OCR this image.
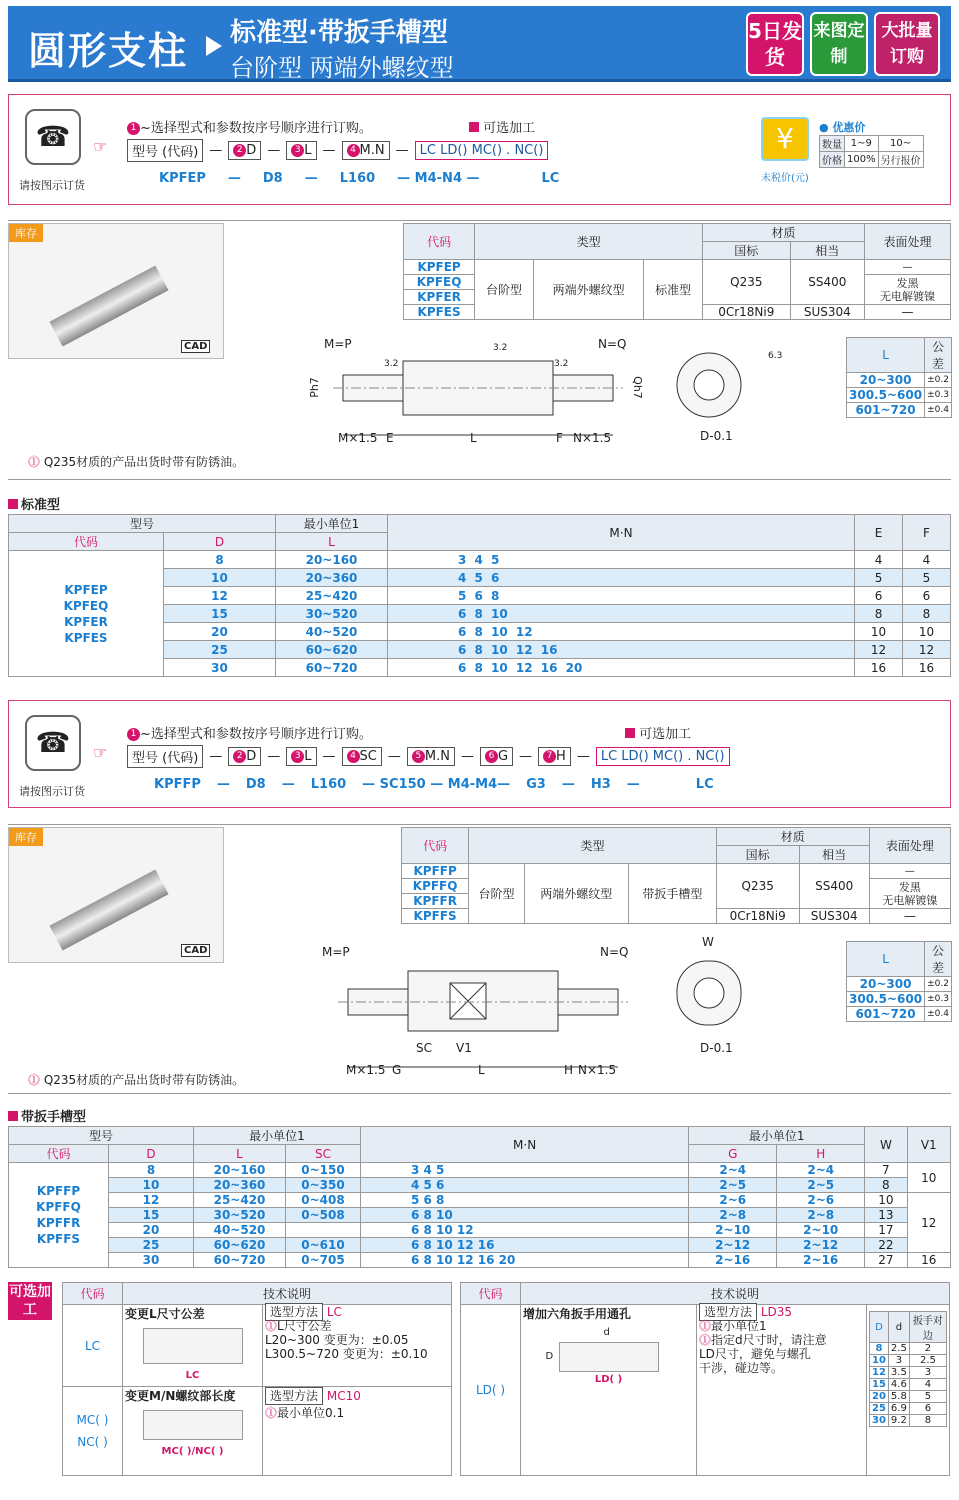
圆形支柱 标准型·带扳手槽型
台阶型 两端外螺纹型
5日发货
来图定制
大批量订购
☎
请按图示订货
☞
1 ~选择型式和参数按序号顺序进行订购。	可选加工
型号 (代码) —	2 D —	3 L —	4 M.N — LC LD() MC() . NC()
KPFEP — D8 — L160 — M4-N4 —	LC
¥
未税价(元)
● 优惠价
数量	1~9	10~
价格	100%	另行报价
库存
CAD
代码	类型			材质		表面处理
				国标	相当	
KPFEP	台阶型	两端外螺纹型	标准型	Q235	SS400	—
KPFEQ						发黑
无电解镀镍
KPFER						
KPFES				0Cr18Ni9	SUS304	—
M=P	N=Q
3.2
3.2
3.2
Ph7	Qh7
M×1.5 E	L	F N×1.5
6.3
D-0.1
L	公差
20~300	±0.2
300.5~600	±0.3
601~720	±0.4
⓵ Q235材质的产品出货时带有防锈油。
标准型
型号		最小单位1	M·N	E	F
代码	D	L			
KPFEP
KPFEQ
KPFER
KPFES	8	20~160	3 4 5	4	4
	10	20~360	4 5 6	5	5
	12	25~420	5 6 8	6	6
	15	30~520	6 8 10	8	8
	20	40~520	6 8 10 12	10	10
	25	60~620	6 8 10 12 16	12	12
	30	60~720	6 8 10 12 16 20	16	16
☎
请按图示订货
☞
1 ~选择型式和参数按序号顺序进行订购。	可选加工
型号 (代码) —	2 D —	3 L —	4 SC —	5 M.N —	6 G —	7 H — LC LD() MC() . NC()
KPFFP — D8 — L160 — SC150 — M4-M4— G3 — H3 —	LC
库存
CAD
代码	类型			材质		表面处理
				国标	相当	
KPFFP	台阶型	两端外螺纹型	带扳手槽型	Q235	SS400	—
KPFFQ						发黑
无电解镀镍
KPFFR						
KPFFS				0Cr18Ni9	SUS304	—
M=P	N=Q
SC V1
M×1.5 G	L	H N×1.5
W
D-0.1
L	公差
20~300	±0.2
300.5~600	±0.3
601~720	±0.4
⓵ Q235材质的产品出货时带有防锈油。
带扳手槽型
型号		最小单位1		M·N	最小单位1		W	V1
代码	D	L	SC		G	H		
KPFFP
KPFFQ
KPFFR
KPFFS	8	20~160	0~150	3 4 5	2~4	2~4	7	10
	10	20~360	0~350	4 5 6	2~5	2~5	8	
	12	25~420	0~408	5 6 8	2~6	2~6	10	12
	15	30~520	0~508	6 8 10	2~8	2~8	13	
	20	40~520		6 8 10 12	2~10	2~10	17	
	25	60~620	0~610	6 8 10 12 16	2~12	2~12	22	
	30	60~720	0~705	6 8 10 12 16 20	2~16	2~16	27	16
可选加工
代码	技术说明	
LC	变更L尺寸公差
LC	选型方法 LC
⓵L尺寸公差
L20~300 变更为：±0.05
L300.5~720 变更为：±0.10
MC( )
NC( )	变更M/N螺纹部长度
MC( )/NC( )	选型方法 MC10
⓵最小单位0.1
代码	技术说明
LD( )	增加六角扳手用通孔
d
D
LD( )
	选型方法 LD35
⓵最小单位1
⓵指定d尺寸时，请注意
LD尺寸，避免与螺孔
干涉，碰边等。	
D	d	扳手对边
8	2.5	2
10	3	2.5
12	3.5	3
15	4.6	4
20	5.8	5
25	6.9	6
30	9.2	8
